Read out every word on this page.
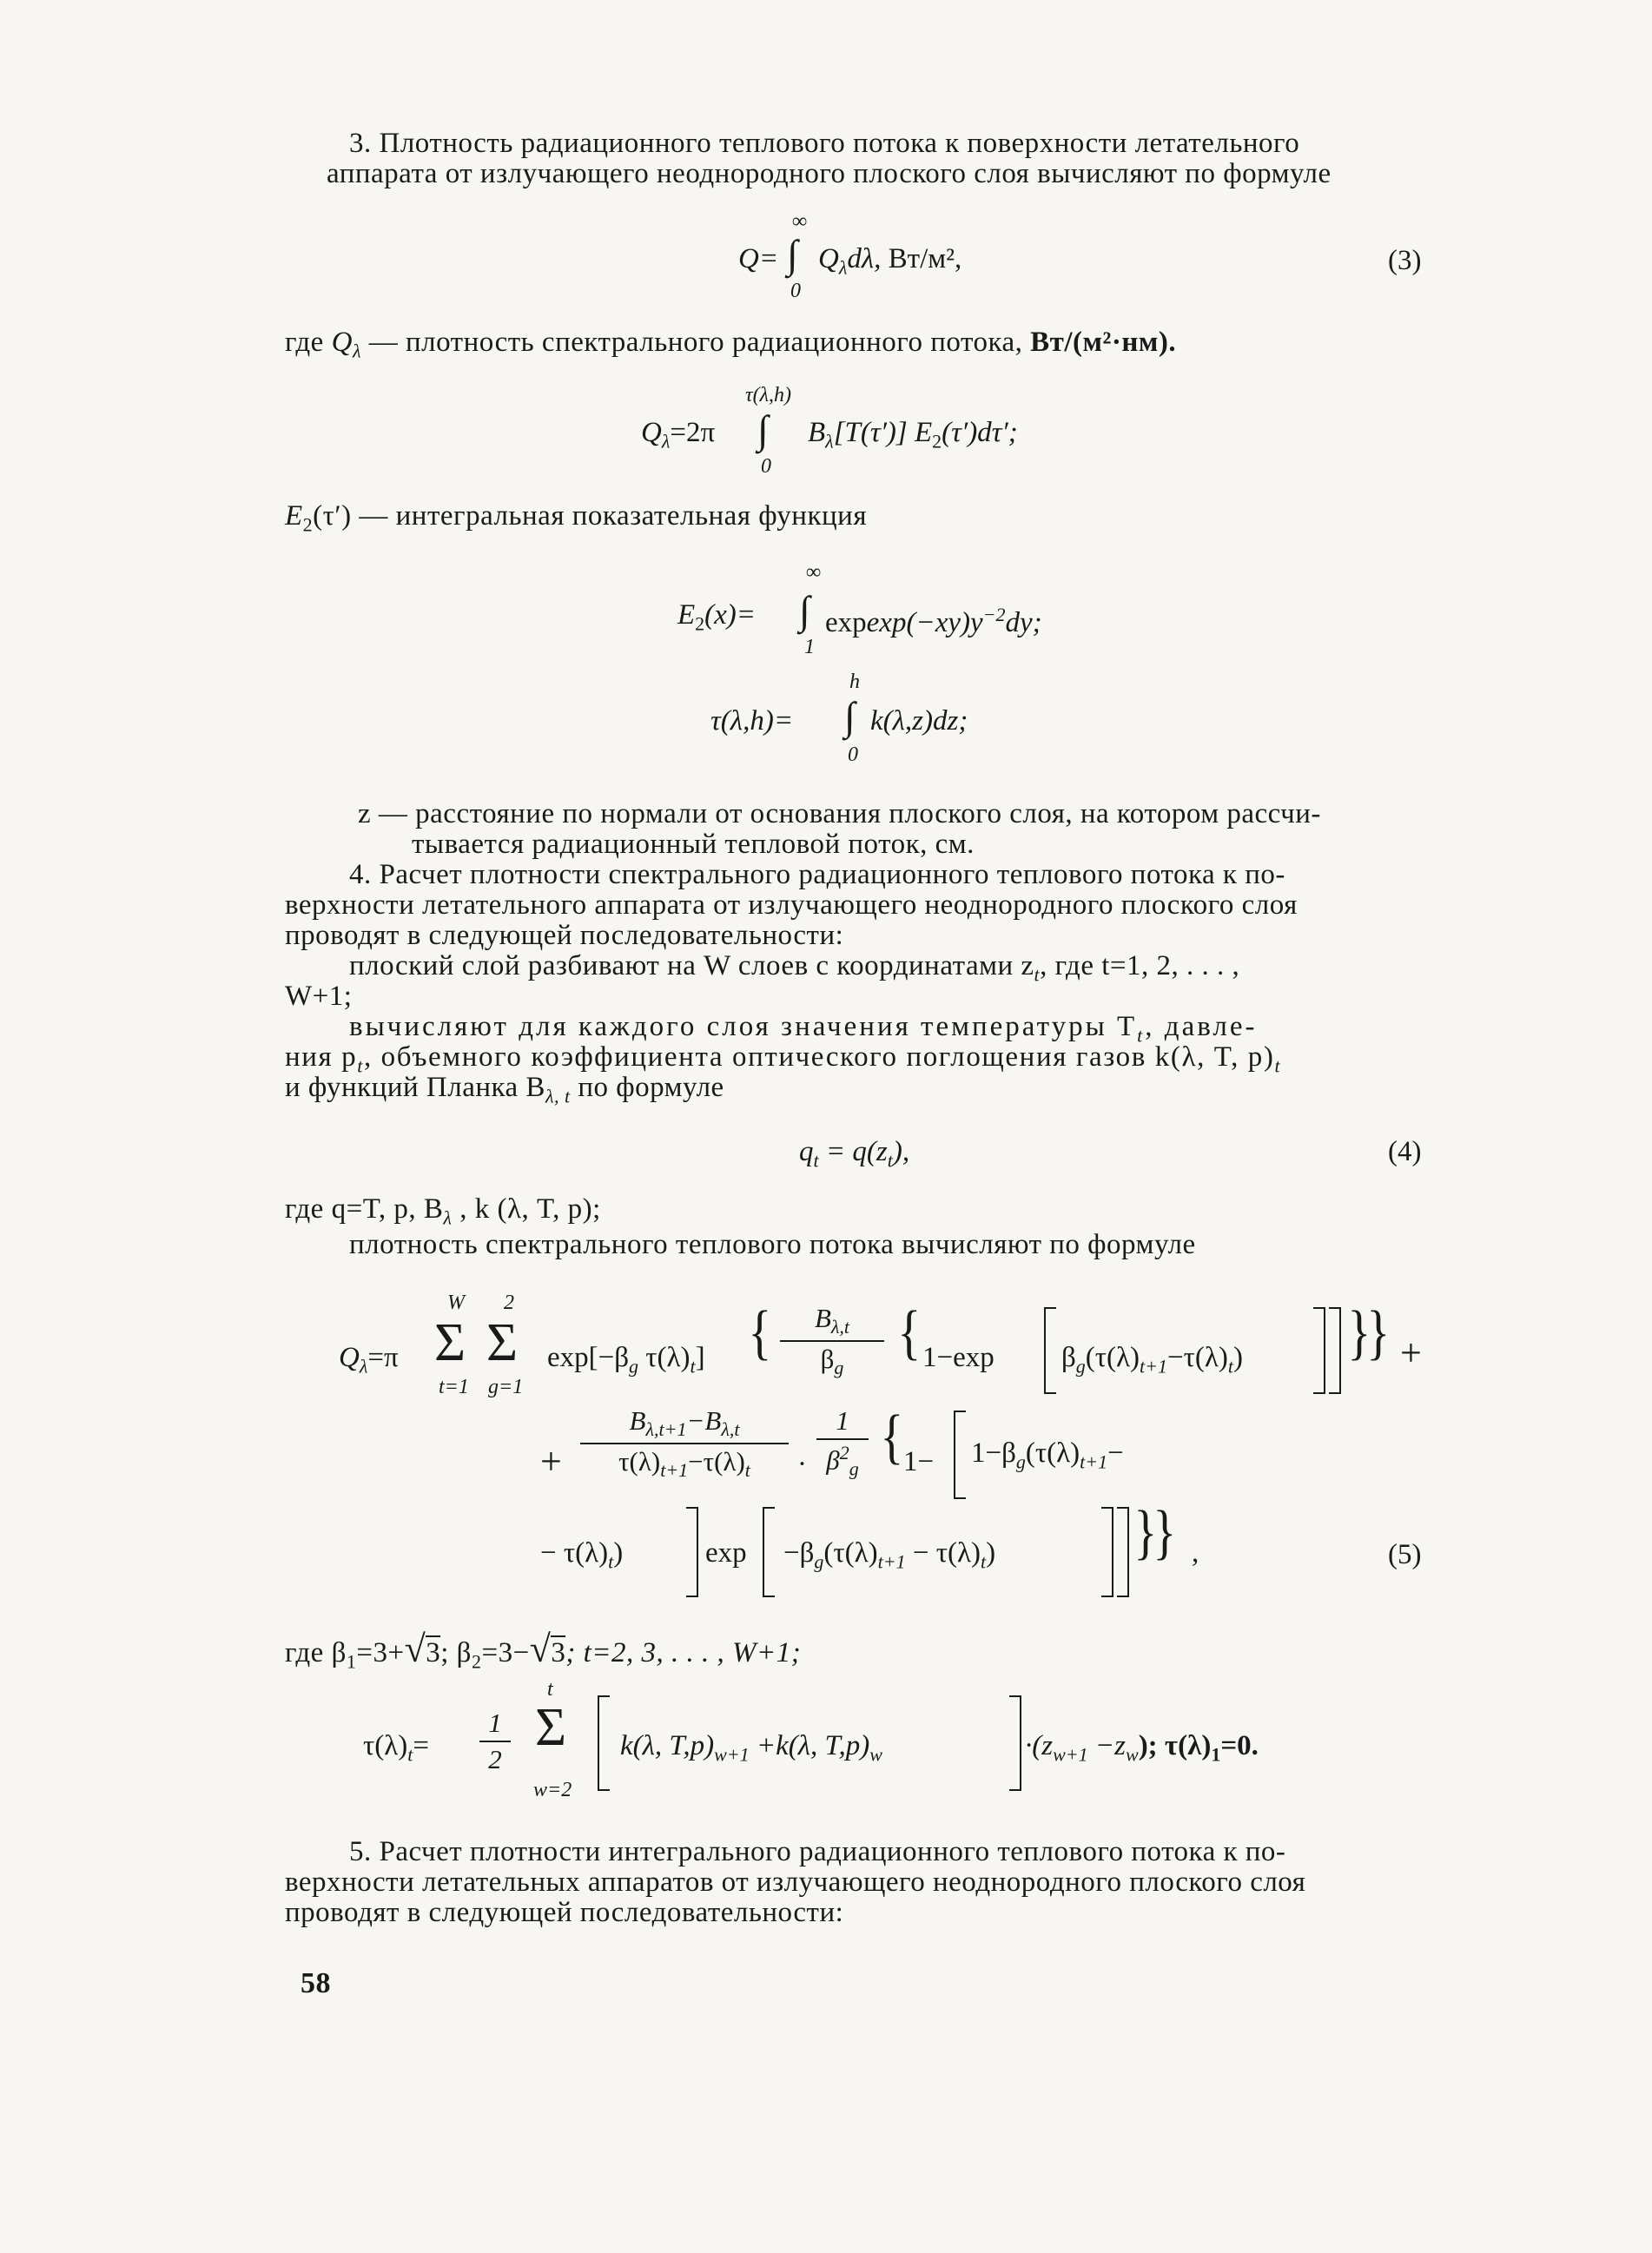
3. Плотность радиационного теплового потока к поверхности летательного
аппарата от излучающего неоднородного плоского слоя вычисляют по формуле
Q=
∞
∫
0
$Q_\lambda d\lambda$, Вт/м²,	(3)
где $Q_\lambda$ — плотность спектрального радиационного потока, Вт/(м²·нм).
$Q_\lambda=2\pi$
τ(λ,h)
∫
0
$B_\lambda[T(\tau')]$ $E_2(\tau')d\tau'$;
$E_2(\tau')$ — интегральная показательная функция
$E_2(x)=$
∞
∫
1
$expexp(-xy)y^{-2}dy$;
τ(λ,h)=
h
∫
0
k(λ,z)dz;
z — расстояние по нормали от основания плоского слоя, на котором рассчи-
тывается радиационный тепловой поток, см.
4. Расчет плотности спектрального радиационного теплового потока к по-
верхности летательного аппарата от излучающего неоднородного плоского слоя
проводят в следующей последовательности:
плоский слой разбивают на W слоев с координатами $z_t$, где t=1, 2, . . . ,
W+1;
вычисляют для каждого слоя значения температуры $T_t$, давле-
ния $p_t$, объемного коэффициента оптического поглощения газов k(λ, T, $p)_t$
и функций Планка $B_{\lambda, t}$ по формуле
$q_t = q(z_t)$,	(4)
где q=T, p, $B_\lambda$ , k (λ, T, p);
плотность спектрального теплового потока вычисляют по формуле
$Q_\lambda=\pi$
W
Σ
t=1
2
Σ
g=1
$\exp[-\beta_g$ $\tau(\lambda)_t$] {	$B_{\lambda,t}$
$\beta_g$
{ 1−exp $\beta_g(\tau(\lambda)_{t+1}-\tau(\lambda)_t)$ }
} +
+
$B_{\lambda,t+1}-B_{\lambda,t}$
$\tau(\lambda)_{t+1}-\tau(\lambda)_t$	·
1
$\beta^2_g$ { $1- 1-\beta_g(\tau(\lambda)_{t+1}-$
− $\tau(\lambda)_t$)	$\exp -\beta_g(\tau(\lambda)_{t+1} - \tau(\lambda)_t)$ }
} ,	(5)
где $\beta_1=3+√3$; $\beta_2=3-√3$; t=2, 3, . . . , W+1;
$\tau(\lambda)_t=$
1
2
t
Σ
w=2
k(λ, $T,p)_{w+1} +k(\lambda$, $T,p)_w$	$\cdot(z_{w+1} -z_w)$; $\tau(\lambda)_1=0$.
5. Расчет плотности интегрального радиационного теплового потока к по-
верхности летательных аппаратов от излучающего неоднородного плоского слоя
проводят в следующей последовательности:
58
